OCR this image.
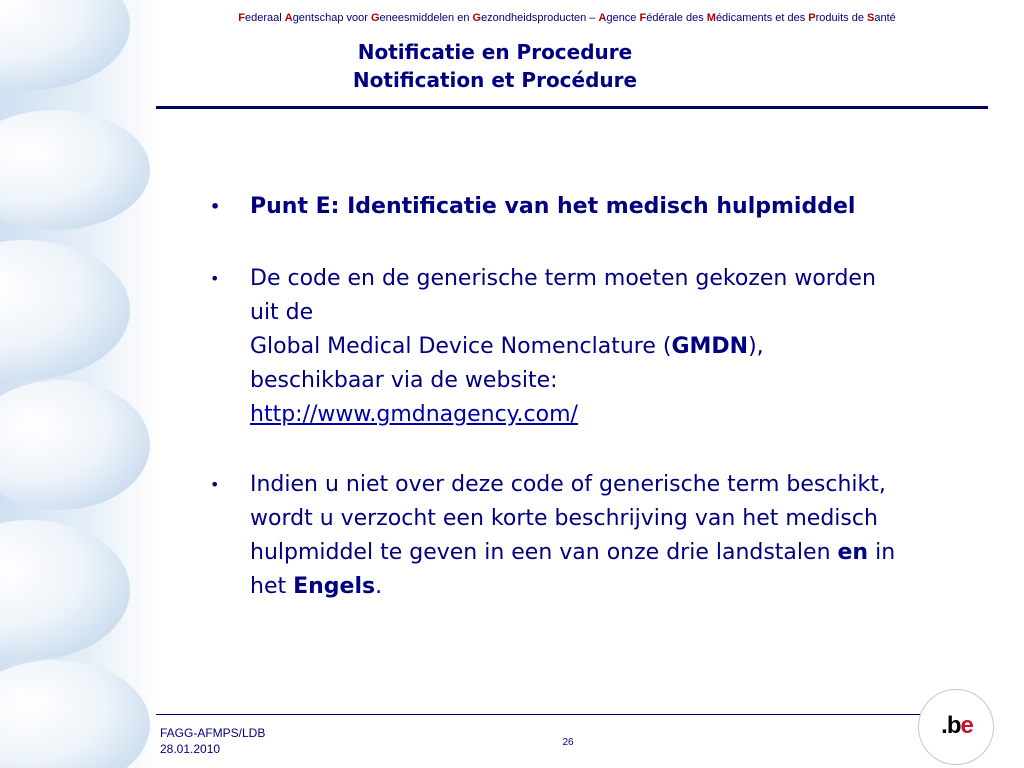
Federaal Agentschap voor Geneesmiddelen en Gezondheidsproducten – Agence Fédérale des Médicaments et des Produits de Santé
Notificatie en Procedure
Notification et Procédure
• Punt E: Identificatie van het medisch hulpmiddel
• De code en de generische term moeten gekozen worden uit de
Global Medical Device Nomenclature (GMDN),
beschikbaar via de website:
http://www.gmdnagency.com/
• Indien u niet over deze code of generische term beschikt, wordt u verzocht een korte beschrijving van het medisch hulpmiddel te geven in een van onze drie landstalen en in het Engels.
FAGG-AFMPS/LDB
28.01.2010	26
.be
